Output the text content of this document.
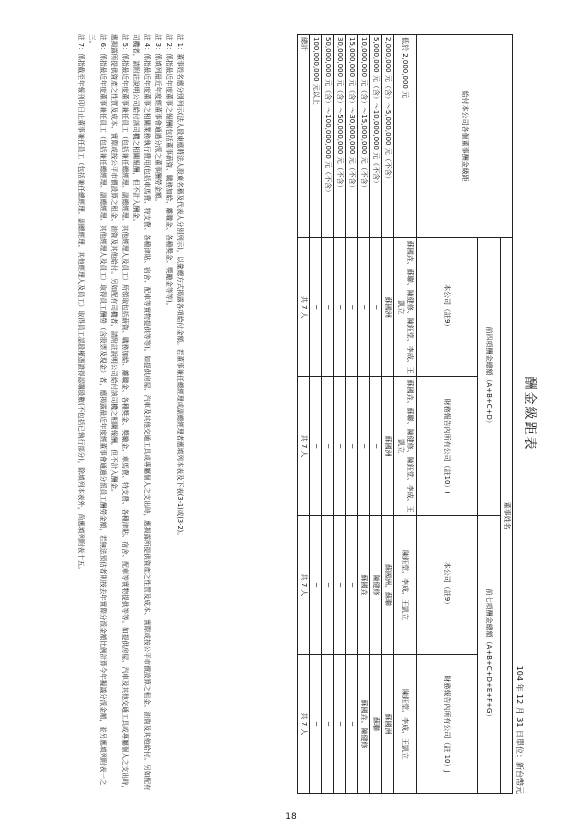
酬金級距表
104 年 12 月 31 日單位：新台幣元
給付本公司各個董事酬金級距	董事姓名			
	前四項酬金總額（A+B+C+D）		前七項酬金總額（A+B+C+D+E+F+G）	
	本公司（註9）	財務報告內所有公司（註10）I	本公司（註9）	財務報告內所有公司（註 10）J
低於 2,000,000 元	蘇國垚、蘇聯、陳健修、陳鈺堂、李成、王凱立	蘇國垚、蘇聯、陳健修、陳鈺堂、李成、王凱立	陳鈺堂、李成、王凱立	陳鈺堂、李成、王凱立
2,000,000 元（含）～5,000,000 元（不含）	蘇國洲	蘇國洲	蘇國洲、蘇聯	蘇國洲
5,000,000 元（含）～10,000,000 元（不含）	─	─	陳健修	蘇聯
10,000,000 元（含）～15,000,000 元（不含）	─	─	蘇國垚	蘇國垚、陳健修
15,000,000 元（含）～30,000,000 元（不含）	─	─	─	─
30,000,000 元（含）～50,000,000 元（不含）	─	─	─	─
50,000,000 元（含）～100,000,000 元（不含）	─	─	─	─
100,000,000 元以上	─	─	─	─
總計	共 7 人	共 7 人	共 7 人	共 7 人

註 1：董事姓名應分別列示(法人股東應將法人股東名稱及代表人分別列示)，以彙總方式揭露各項給付金額。若董事兼任總經理或副總經理者應填列本表及下表(3-1)或(3-2)。

註 2：係指最近年度董事之報酬(包括董事薪資、職務加給、離職金、各種獎金、獎勵金等等)。

註 3：係填列最近年度經董事會通過分派之董事酬勞金額。

註 4：係指最近年度董事之相關業務執行費用(包括車馬費、特支費、各種津貼、宿舍、配車等實物提供等等)。如提供房屋、汽車及其他交通工具或專屬個人之支出時，應揭露所提供資產之性質及成本、實際或按公平市價設算之租金、油資及其他給付。另如配有司機者，請附註說明公司給付該司機之相關報酬，但不計入酬金。

註 5：係指最近年度董事兼任員工（包括兼任總經理、副總經理、其他經理人及員工）所領取包括薪資、職務加給、離職金、各種獎金、獎勵金、車馬費、特支費、各種津貼、宿舍、配車等實物提供等等。如提供房屋、汽車及其他交通工具或專屬個人之支出時，應揭露所提供資產之性質及成本、實際或按公平市價設算之租金、油資及其他給付。另如配有司機者，請附註說明公司給付該司機之相關報酬，但不計入酬金。

註 6：係指最近年度董事兼任員工（包括兼任總經理、副總經理、其他經理人及員工）取得員工酬勞（含股票及現金）者，應揭露最近年度經董事會通過分派員工酬勞金額，若無法預估者則按去年實際分派金額比例計算今年擬議分派金額，並另應填列附表一之三。

註 7：係指截至年報刊印日止董事兼任員工（包括兼任總經理、副總經理、其他經理人及員工）取得員工認股權憑證得認購股數(不包括已執行部分)，除填列本表外，尚應填列附表十五。

18
